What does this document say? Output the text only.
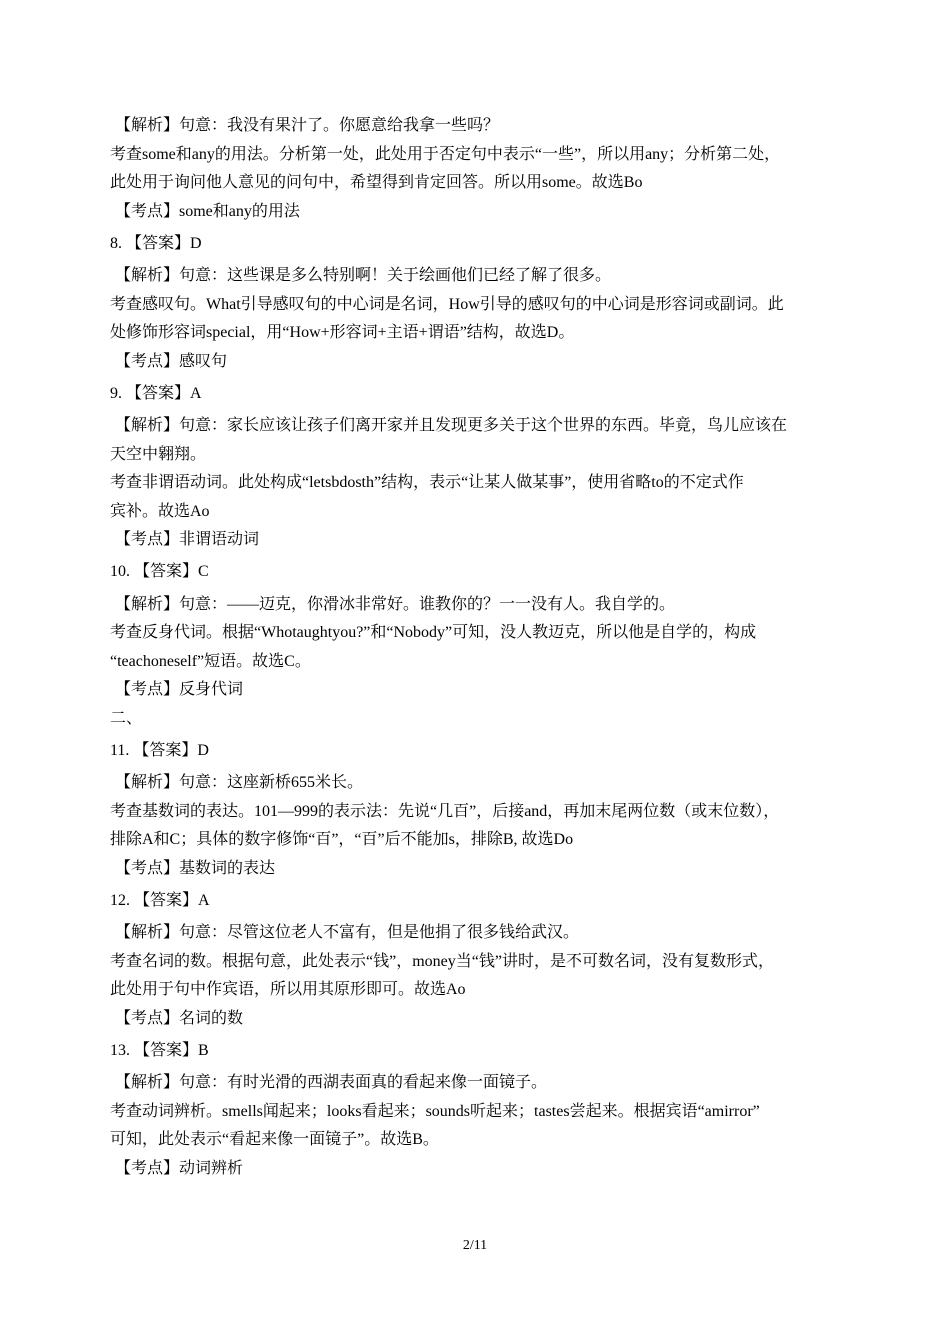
【解析】句意：我没有果汁了。你愿意给我拿一些吗？
考查some和any的用法。分析第一处，此处用于否定句中表示“一些”，所以用any；分析第二处，
此处用于询问他人意见的问句中，希望得到肯定回答。所以用some。故选Bo
【考点】some和any的用法
8. 【答案】D
【解析】句意：这些课是多么特别啊！关于绘画他们已经了解了很多。
考查感叹句。What引导感叹句的中心词是名词，How引导的感叹句的中心词是形容词或副词。此
处修饰形容词special，用“How+形容词+主语+谓语”结构，故选D。
【考点】感叹句
9. 【答案】A
【解析】句意：家长应该让孩子们离开家并且发现更多关于这个世界的东西。毕竟，鸟儿应该在
天空中翱翔。
考查非谓语动词。此处构成“letsbdosth”结构，表示“让某人做某事”，使用省略to的不定式作
宾补。故选Ao
【考点】非谓语动词
10. 【答案】C
【解析】句意：——迈克，你滑冰非常好。谁教你的？一一没有人。我自学的。
考查反身代词。根据“Whotaughtyou?”和“Nobody”可知，没人教迈克，所以他是自学的，构成
“teachoneself”短语。故选C。
【考点】反身代词
二、
11. 【答案】D
【解析】句意：这座新桥655米长。
考查基数词的表达。101—999的表示法：先说“几百”，后接and，再加末尾两位数（或末位数），
排除A和C；具体的数字修饰“百”，“百”后不能加s，排除B, 故选Do
【考点】基数词的表达
12. 【答案】A
【解析】句意：尽管这位老人不富有，但是他捐了很多钱给武汉。
考查名词的数。根据句意，此处表示“钱”，money当“钱”讲时，是不可数名词，没有复数形式，
此处用于句中作宾语，所以用其原形即可。故选Ao
【考点】名词的数
13. 【答案】B
【解析】句意：有时光滑的西湖表面真的看起来像一面镜子。
考查动词辨析。smells闻起来；looks看起来；sounds听起来；tastes尝起来。根据宾语“amirror”
可知，此处表示“看起来像一面镜子”。故选B。
【考点】动词辨析
2/11
